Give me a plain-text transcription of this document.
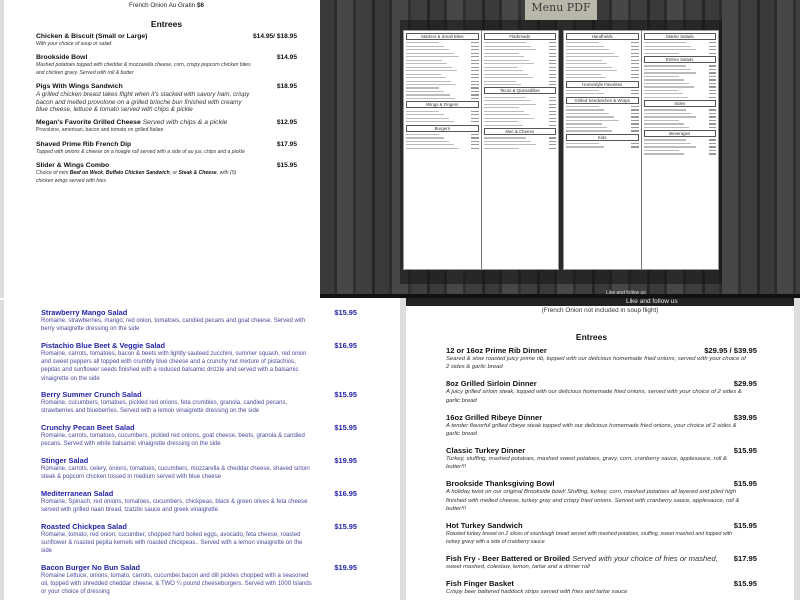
French Onion Au Gratin $6
Entrees
Chicken & Biscuit (Small or Large)	$14.95/ $18.95
With your choice of soup or salad
Brookside Bowl	$14.95
Mashed potatoes topped with cheddar & mozzarella cheese, corn, crispy popcorn chicken bites and chicken gravy. Served with roll & butter
Pigs With Wings Sandwich	$18.95
A grilled chicken breast takes flight when it's stacked with savory ham, crispy bacon and melted provolone on a grilled brioche bun finished with creamy blue cheese, lettuce & tomato served with chips & pickle
Megan's Favorite Grilled Cheese Served with chips & a pickle	$12.95
Provolone, american, bacon and tomato on grilled Italian
Shaved Prime Rib French Dip	$17.95
Topped with onions & cheese on a hoagie roll served with a side of au jus, chips and a pickle
Slider & Wings Combo	$15.95
Choice of mini Beef on Weck, Buffalo Chicken Sandwich, or Steak & Cheese, with (5) chicken wings served with fries
Menu PDF
Starters & Small Bites
Wings & Fingers
Burgers
Flatbreads
Tacos & Quesadillas
Mac & Cheese
Handhelds
Homestyle Favorites
Grilled Sandwiches & Wraps
Kids
Starter Salads
Entree Salads
Sides
Beverages
Like and follow us
Strawberry Mango Salad	$15.95
Romaine, strawberries, mango, red onion, tomatoes, candied pecans and goat cheese. Served with berry vinaigrette dressing on the side
Pistachio Blue Beet & Veggie Salad	$16.95
Romaine, carrots, tomatoes, bacon & beets with lightly sauteed zucchini, summer squash, red onion and sweet peppers all topped with crumbly blue cheese and a crunchy nut mixture of pistachios, pepitas and sunflower seeds finished with a reduced balsamic drizzle and served with a balsamic vinaigrette on the side
Berry Summer Crunch Salad	$15.95
Romaine, cucumbers, tomatoes, pickled red onions, feta crumbles, granola, candied pecans, strawberries and blueberries. Served with a lemon vinaigrette dressing on the side
Crunchy Pecan Beet Salad	$15.95
Romaine, carrots, tomatoes, cucumbers, pickled red onions, goat cheese, beets, granola & candied pecans. Served with white balsamic vinaigrette dressing on the side
Stinger Salad	$19.95
Romaine, carrots, celery, onions, tomatoes, cucumbers, mozzarella & cheddar cheese, shaved sirloin steak & popcorn chicken tossed in medium served with blue cheese
Mediterranean Salad	$16.95
Romaine, Spinach, red onions, tomatoes, cucumbers, chickpeas, black & green olives & feta cheese served with grilled naan bread, tzatziki sauce and greek vinaigrette
Roasted Chickpea Salad	$15.95
Romaine, tomato, red onion, cucumber, chopped hard boiled eggs, avocado, feta cheese, roasted sunflower & roasted pepita kernels with roasted chickpeas.. Served with a lemon vinaigrette on the side
Bacon Burger No Bun Salad	$19.95
Romaine Lettuce, onions, tomato, carrots, cucumber,bacon and dill pickles chopped with a seasoned oil, topped with shredded cheddar cheese, & TWO ¼ pound cheeseburgers. Served with 1000 Islands or your choice of dressing
Like and follow us
(French Onion not included in soup flight)
Entrees
12 or 16oz Prime Rib Dinner	$29.95 / $39.95
Seared & slow roasted juicy prime rib, topped with our delicious homemade fried onions, served with your choice of 2 sides & garlic bread
8oz Grilled Sirloin Dinner	$29.95
A juicy grilled sirloin steak, topped with our delicious homemade fried onions, served with your choice of 2 sides & garlic bread
16oz Grilled Ribeye Dinner	$39.95
A tender flavorful grilled ribeye steak topped with our delicious homemade fried onions, your choice of 2 sides & garlic bread
Classic Turkey Dinner	$15.95
Turkey, stuffing, mashed potatoes, mashed sweet potatoes, gravy, corn, cranberry sauce, applesauce, roll & butter!!!
Brookside Thanksgiving Bowl	$15.95
A holiday twist on our original Brookside bowl! Stuffing, turkey, corn, mashed potatoes all layered and piled high finished with melted cheese, turkey gray and crispy fried onions. Served with cranberry sauce, applesauce, roll & butter!!!
Hot Turkey Sandwich	$15.95
Roasted turkey breast on 2 slices of sourdough bread served with mashed potatoes, stuffing, sweet mashed and topped with turkey gravy with a side of cranberry sauce
Fish Fry - Beer Battered or Broiled Served with your choice of fries or mashed,	$17.95
sweet mashed, coleslaw, lemon, tartar and a dinner roll
Fish Finger Basket	$15.95
Crispy beer battered haddock strips served with fries and tartar sauce
